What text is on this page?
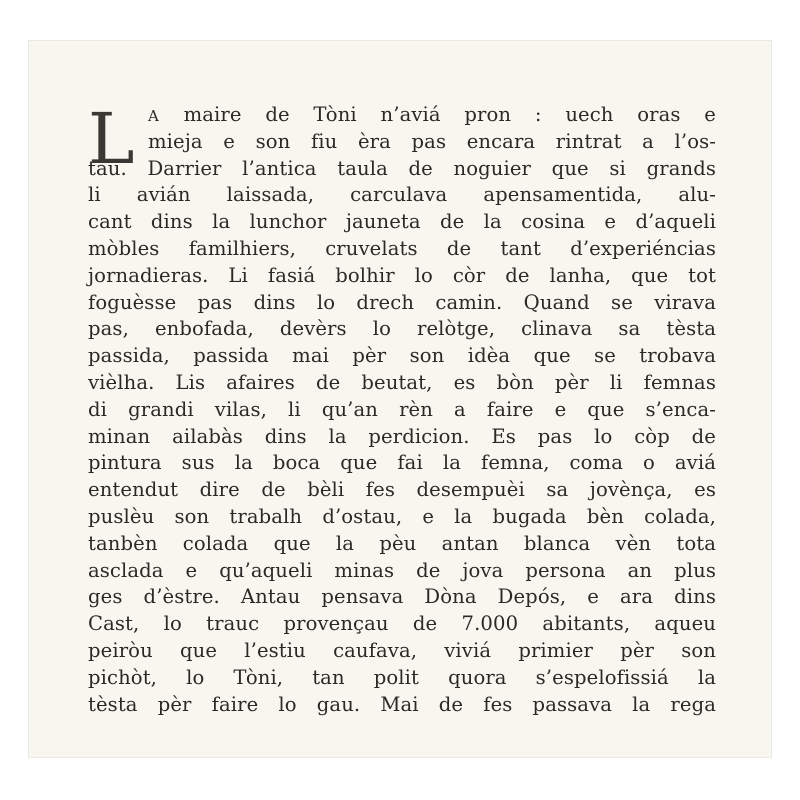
L A maire de Tòni n’aviá pron : uech oras e
mieja e son fiu èra pas encara rintrat a l’os-
tau. Darrier l’antica taula de noguier que si grands
li avián laissada, carculava apensamentida, alu-
cant dins la lunchor jauneta de la cosina e d’aqueli
mòbles familhiers, cruvelats de tant d’experiéncias
jornadieras. Li fasiá bolhir lo còr de lanha, que tot
foguèsse pas dins lo drech camin. Quand se virava
pas, enbofada, devèrs lo relòtge, clinava sa tèsta
passida, passida mai pèr son idèa que se trobava
vièlha. Lis afaires de beutat, es bòn pèr li femnas
di grandi vilas, li qu’an rèn a faire e que s’enca-
minan ailabàs dins la perdicion. Es pas lo còp de
pintura sus la boca que fai la femna, coma o aviá
entendut dire de bèli fes desempuèi sa jovènça, es
puslèu son trabalh d’ostau, e la bugada bèn colada,
tanbèn colada que la pèu antan blanca vèn tota
asclada e qu’aqueli minas de jova persona an plus
ges d’èstre. Antau pensava Dòna Depós, e ara dins
Cast, lo trauc provençau de 7.000 abitants, aqueu
peiròu que l’estiu caufava, viviá primier pèr son
pichòt, lo Tòni, tan polit quora s’espelofissiá la
tèsta pèr faire lo gau. Mai de fes passava la rega
